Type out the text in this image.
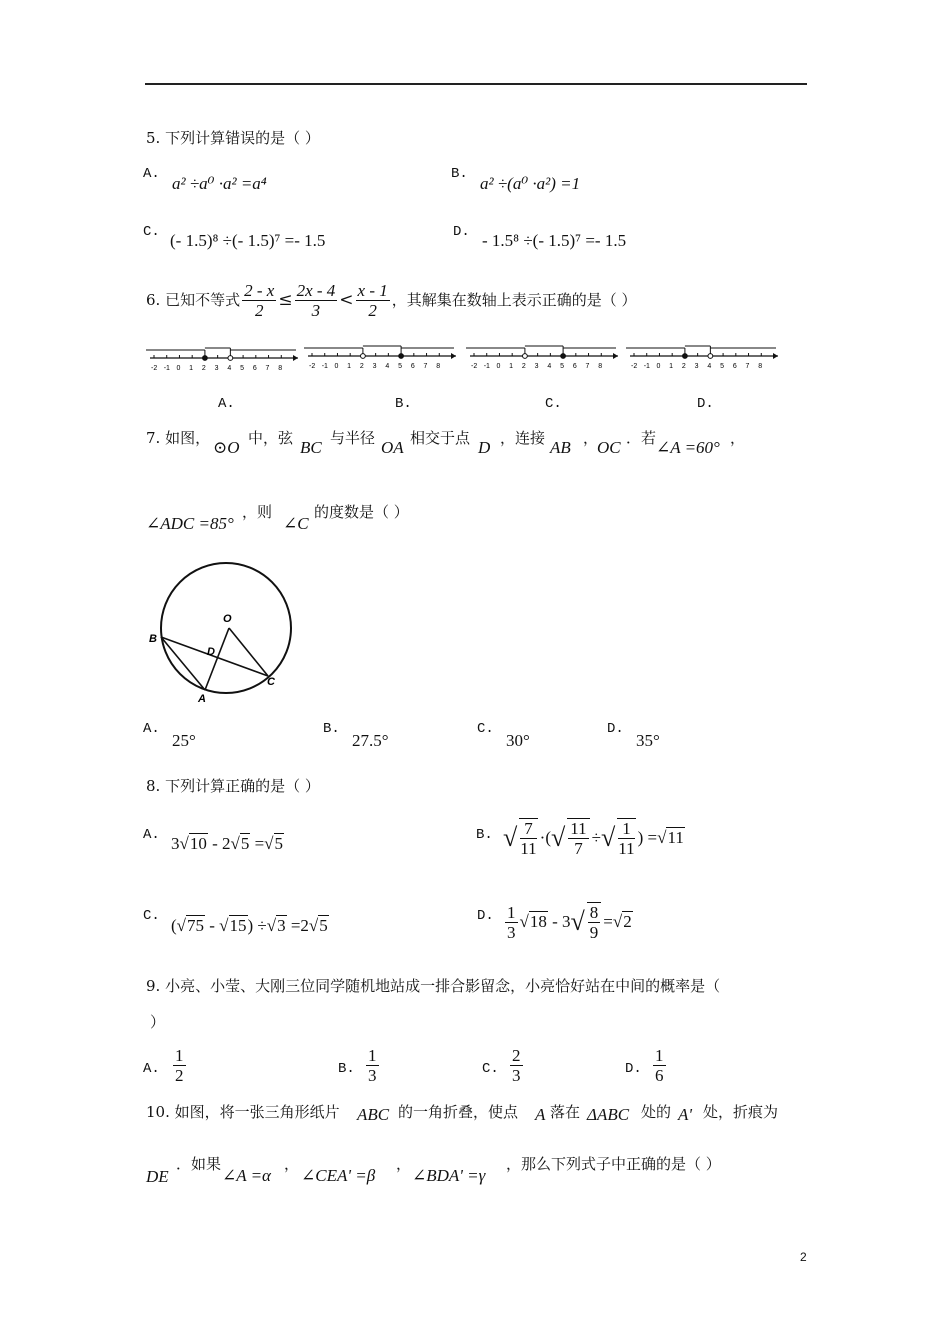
5. 下列计算错误的是（ ）
A. a² ÷a⁰ ·a² =a⁴	B. a² ÷(a⁰ ·a²) =1
C. (- 1.5)⁸ ÷(- 1.5)⁷ =- 1.5	D. - 1.5⁸ ÷(- 1.5)⁷ =- 1.5
6. 已知不等式 $\frac{2 - x}{2} \le \frac{2x - 4}{3} < \frac{x - 1}{2}$ ，其解集在数轴上表示正确的是（ ）
-2 -1 0 1 2 3 4 5 6 7 8	-2 -1 0 1 2 3 4 5 6 7 8	-2 -1 0 1 2 3 4 5 6 7 8	-2 -1 0 1 2 3 4 5 6 7 8
A.	B.	C.	D.
7. 如图， ⊙O 中，弦 BC 与半径 OA 相交于点 D ，连接 AB ，
OC ．若 ∠A =60° ，
∠ADC =85°
，则
∠C
的度数是（ ）
B
O
D
A
C
A.
25°
B.
27.5°
C.
30°
D.
35°
8. 下列计算正确的是（ ）
A. 3√10 - 2√5 =√5	B. √ $\frac{7}{11}$ ·( √ $\frac{11}{7}$ ÷ √ $\frac{1}{11}$ ) =√11
C. (√75 - √15) ÷√3 =2√5	D. $\frac{1}{3} √18 - 3$ √ $\frac{8}{9} =√2$
9. 小亮、小莹、大刚三位同学随机地站成一排合影留念，小亮恰好站在中间的概率是（
）
A. $\frac{1}{2}$	B. $\frac{1}{3}$	C. $\frac{2}{3}$	D. $\frac{1}{6}$
10. 如图，将一张三角形纸片 ABC 的一角折叠，使点 A 落在 ΔABC 处的 A' 处，折痕为
DE
．如果
∠A =α
，
∠CEA' =β
，
∠BDA' =γ
，那么下列式子中正确的是（ ）
2
